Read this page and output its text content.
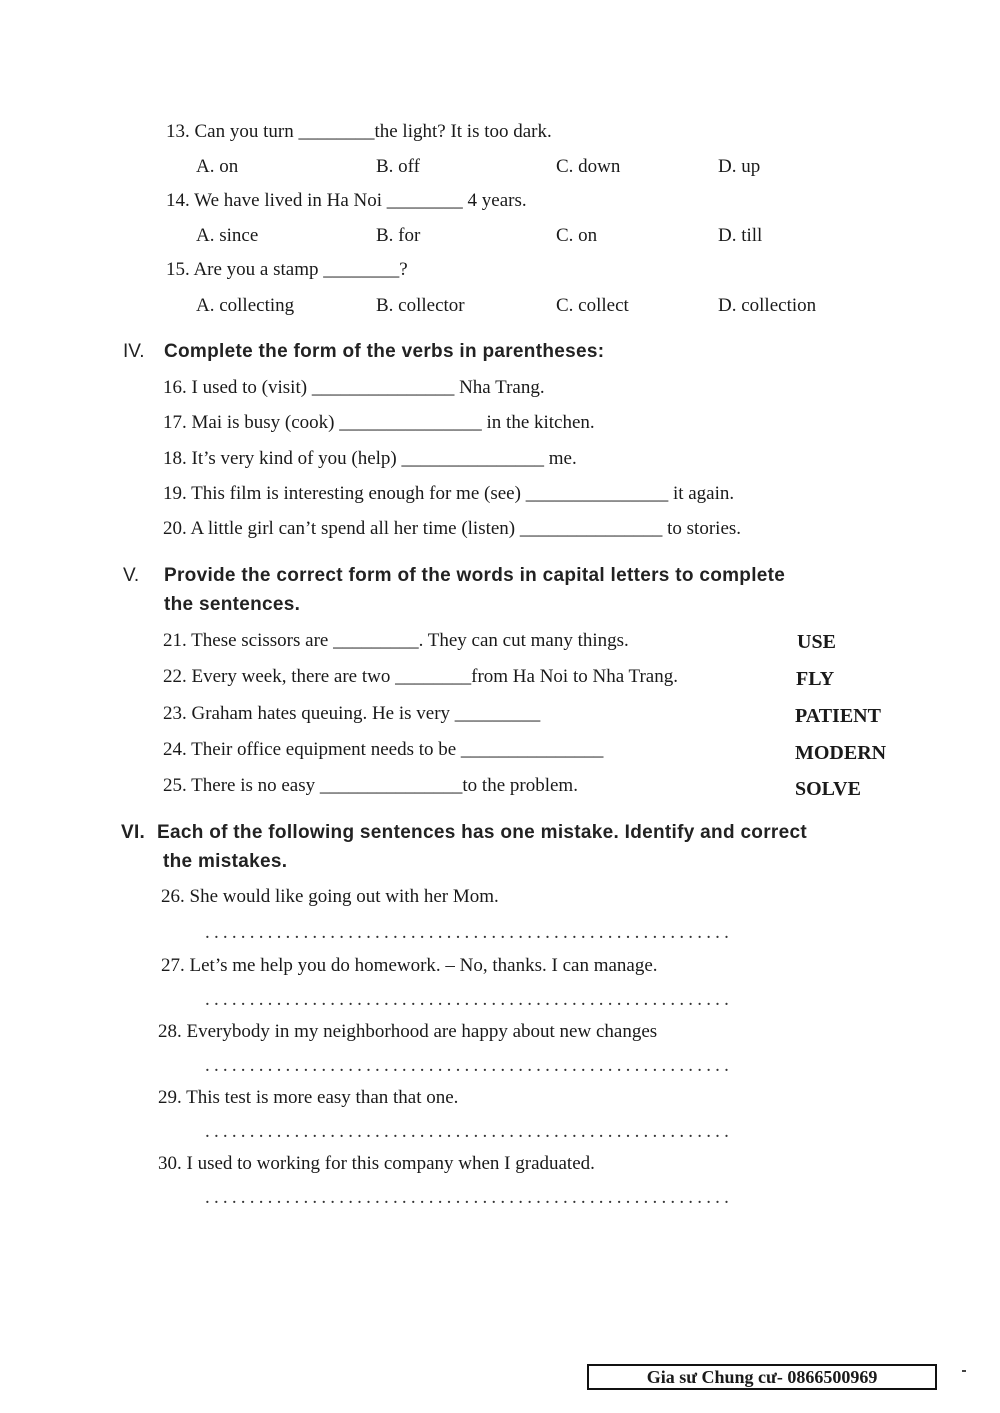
13. Can you turn ________the light? It is too dark.
A. on	B. off	C. down	D. up
14. We have lived in Ha Noi ________ 4 years.
A. since	B. for	C. on	D. till
15. Are you a stamp ________?
A. collecting	B. collector	C. collect	D. collection
IV. Complete the form of the verbs in parentheses:
16. I used to (visit) _______________ Nha Trang.
17. Mai is busy (cook) _______________ in the kitchen.
18. It’s very kind of you (help) _______________ me.
19. This film is interesting enough for me (see) _______________ it again.
20. A little girl can’t spend all her time (listen) _______________ to stories.
V. Provide the correct form of the words in capital letters to complete
the sentences.
21. These scissors are _________. They can cut many things.	USE
22. Every week, there are two ________from Ha Noi to Nha Trang.	FLY
23. Graham hates queuing. He is very _________	PATIENT
24. Their office equipment needs to be _______________	MODERN
25. There is no easy _______________to the problem.	SOLVE
VI. Each of the following sentences has one mistake. Identify and correct
the mistakes.
26. She would like going out with her Mom.
...........................................................
27. Let’s me help you do homework. – No, thanks. I can manage.
...........................................................
28. Everybody in my neighborhood are happy about new changes
...........................................................
29. This test is more easy than that one.
...........................................................
30. I used to working for this company when I graduated.
...........................................................
Gia sư Chung cư- 0866500969
